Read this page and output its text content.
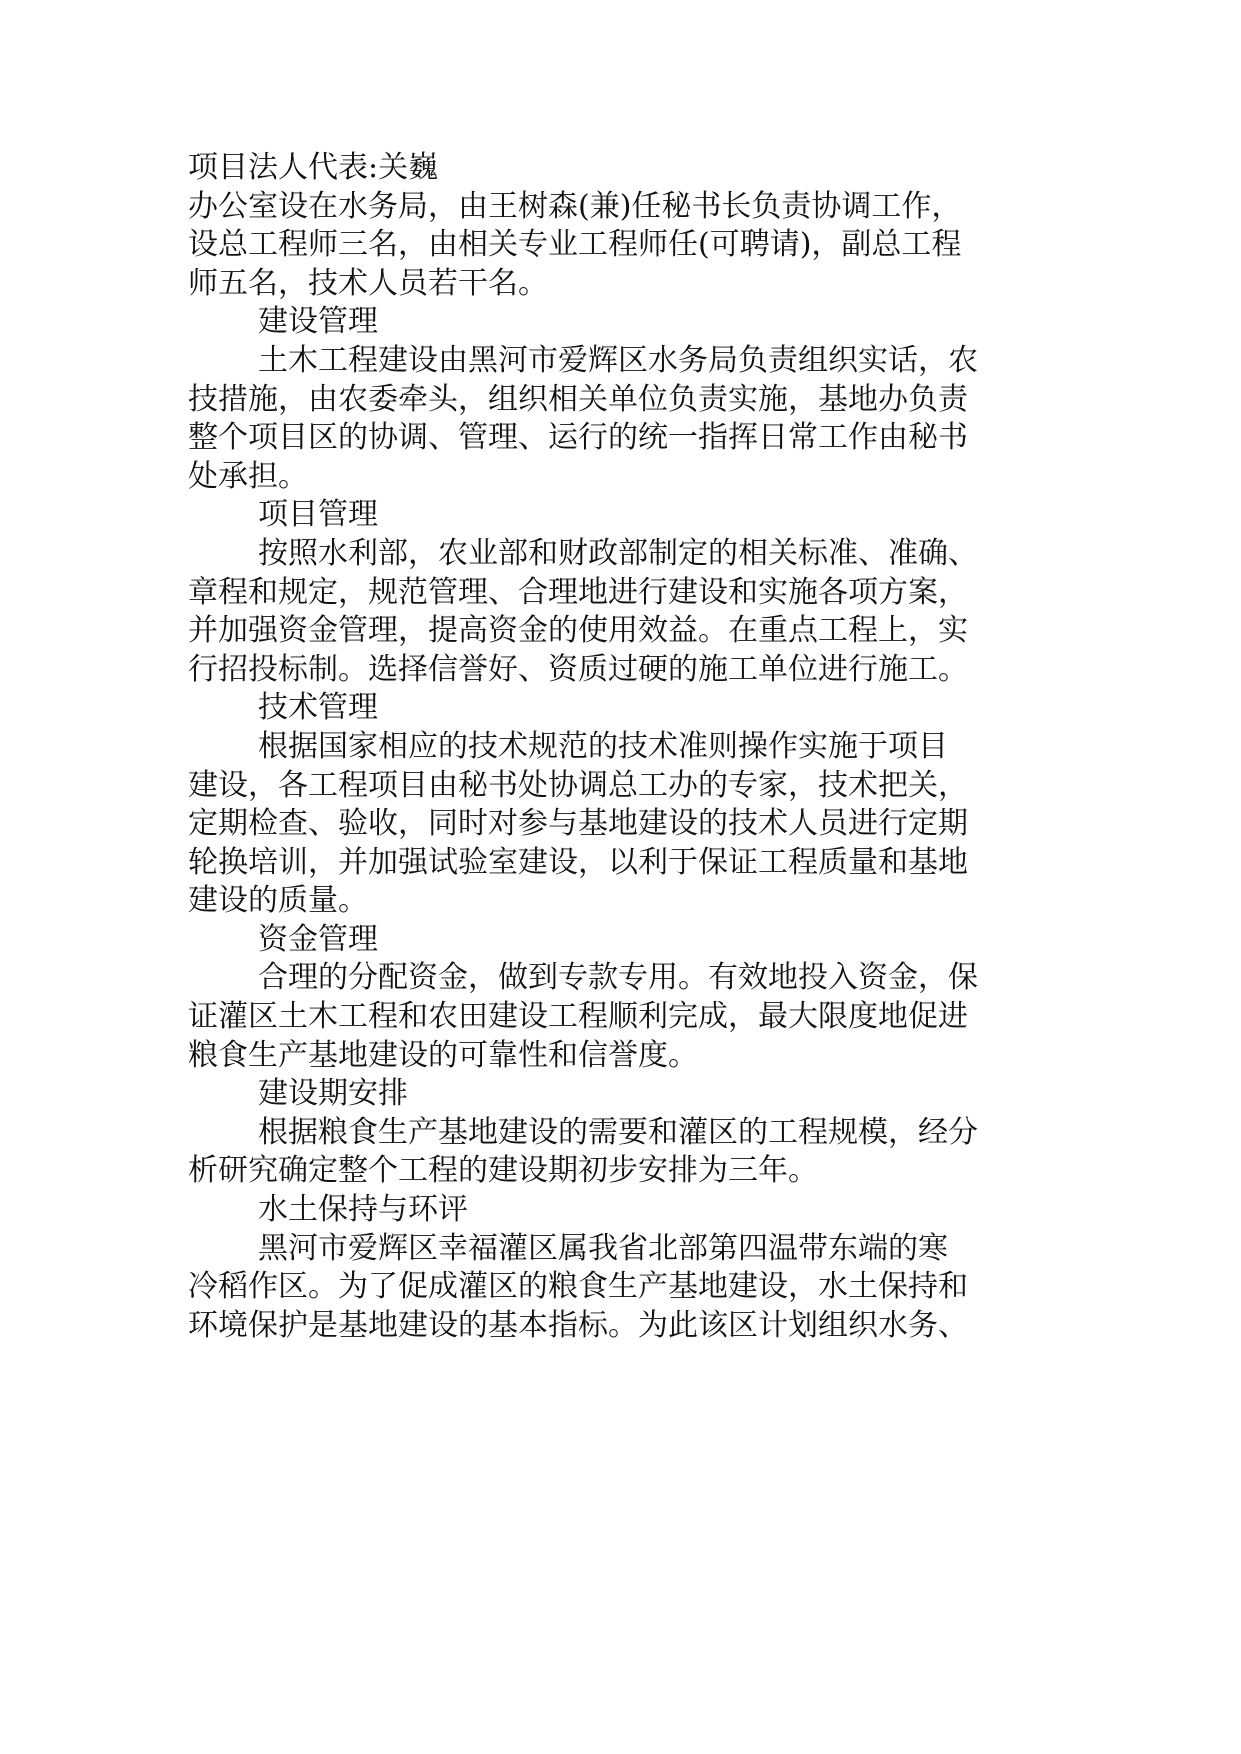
项目法人代表:关巍
办公室设在水务局，由王树森(兼)任秘书长负责协调工作，
设总工程师三名，由相关专业工程师任(可聘请)，副总工程
师五名，技术人员若干名。
建设管理
土木工程建设由黑河市爱辉区水务局负责组织实话，农
技措施，由农委牵头，组织相关单位负责实施，基地办负责
整个项目区的协调、管理、运行的统一指挥日常工作由秘书
处承担。
项目管理
按照水利部，农业部和财政部制定的相关标准、准确、
章程和规定，规范管理、合理地进行建设和实施各项方案，
并加强资金管理，提高资金的使用效益。在重点工程上，实
行招投标制。选择信誉好、资质过硬的施工单位进行施工。
技术管理
根据国家相应的技术规范的技术准则操作实施于项目
建设，各工程项目由秘书处协调总工办的专家，技术把关，
定期检查、验收，同时对参与基地建设的技术人员进行定期
轮换培训，并加强试验室建设，以利于保证工程质量和基地
建设的质量。
资金管理
合理的分配资金，做到专款专用。有效地投入资金，保
证灌区土木工程和农田建设工程顺利完成，最大限度地促进
粮食生产基地建设的可靠性和信誉度。
建设期安排
根据粮食生产基地建设的需要和灌区的工程规模，经分
析研究确定整个工程的建设期初步安排为三年。
水土保持与环评
黑河市爱辉区幸福灌区属我省北部第四温带东端的寒
冷稻作区。为了促成灌区的粮食生产基地建设，水土保持和
环境保护是基地建设的基本指标。为此该区计划组织水务、
